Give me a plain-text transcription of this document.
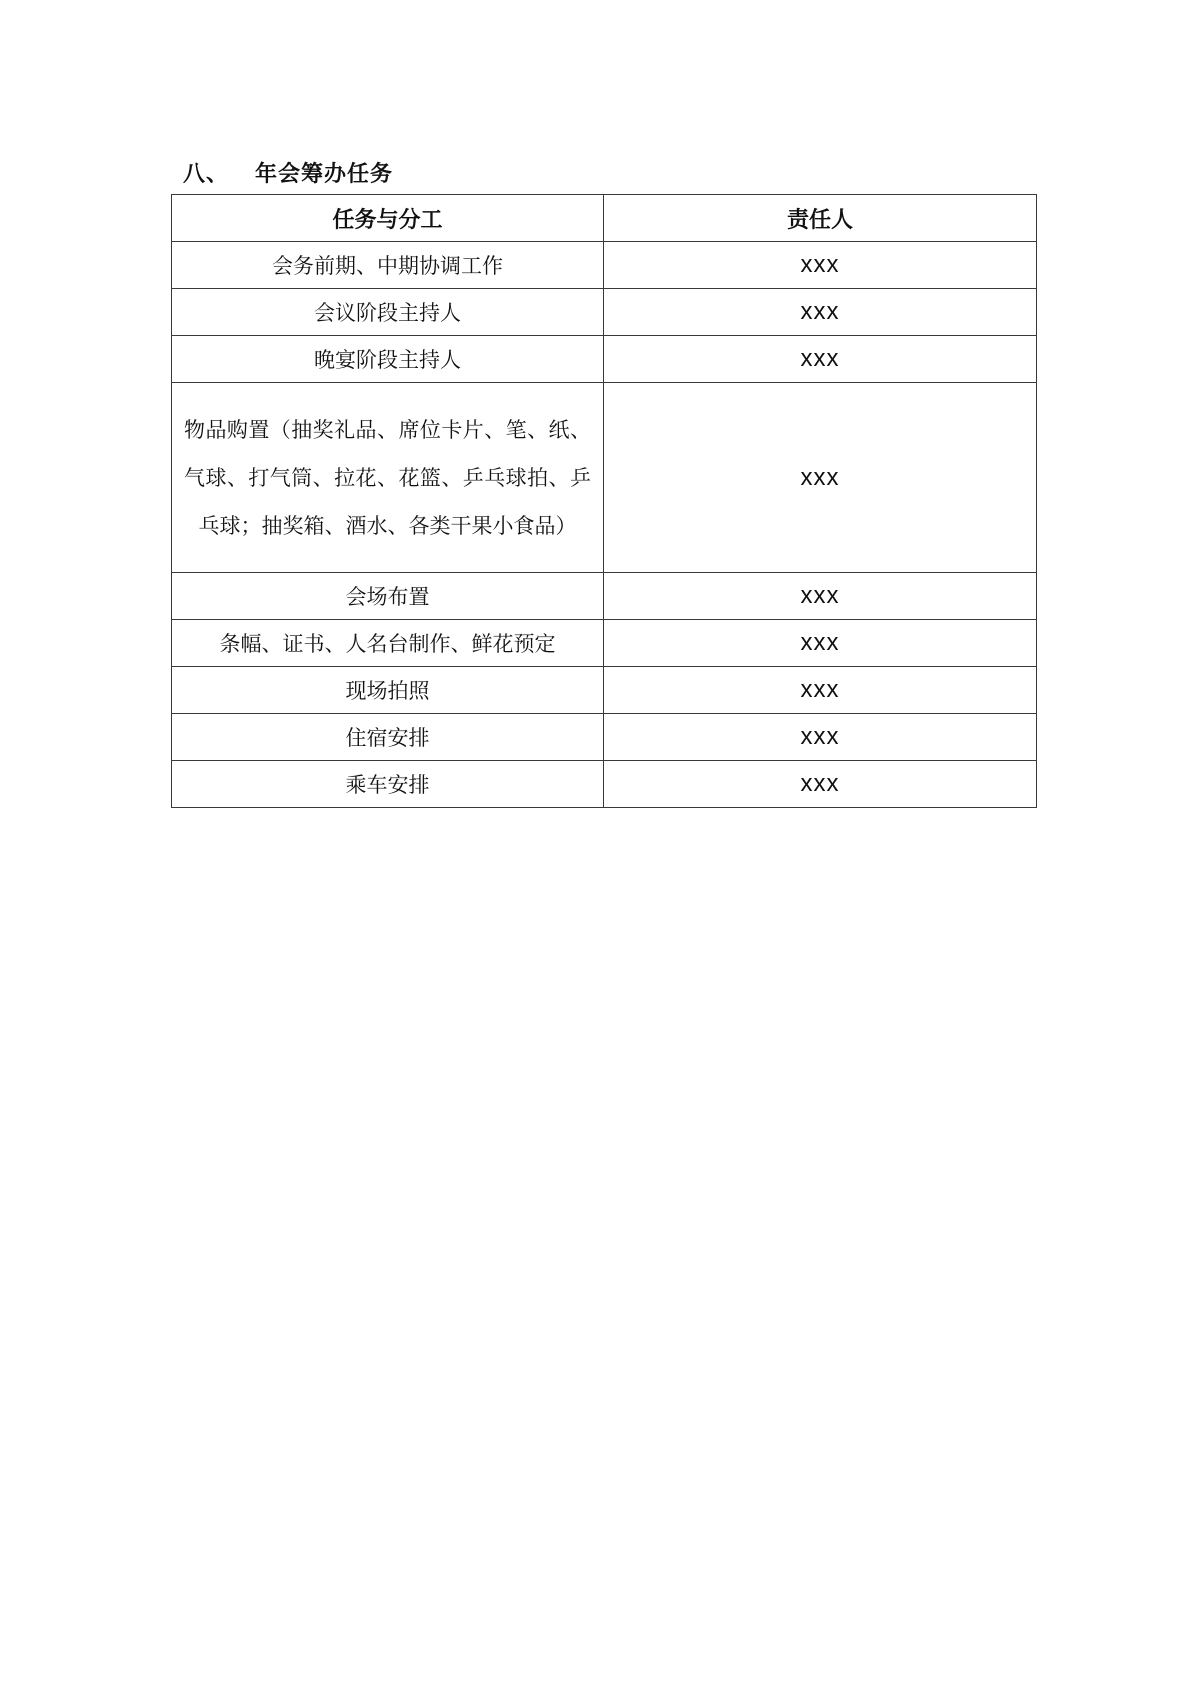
八、	年会筹办任务
任务与分工	责任人
会务前期、中期协调工作	xxx
会议阶段主持人	xxx
晚宴阶段主持人	xxx
物品购置（抽奖礼品、席位卡片、笔、纸、气球、打气筒、拉花、花篮、乒乓球拍、乒乓球；抽奖箱、酒水、各类干果小食品）	xxx
会场布置	xxx
条幅、证书、人名台制作、鲜花预定	xxx
现场拍照	xxx
住宿安排	xxx
乘车安排	xxx
